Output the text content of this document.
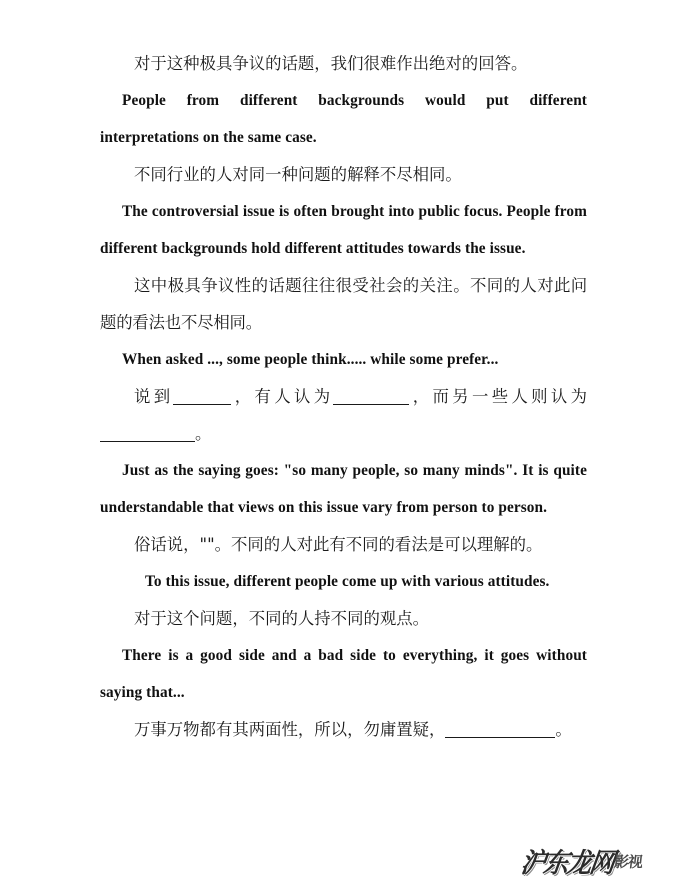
对于这种极具争议的话题，我们很难作出绝对的回答。

People from different backgrounds would put different interpretations on the same case.

不同行业的人对同一种问题的解释不尽相同。

The controversial issue is often brought into public focus. People from different backgrounds hold different attitudes towards the issue.

这中极具争议性的话题往往很受社会的关注。不同的人对此问题的看法也不尽相同。

When asked ..., some people think..... while some prefer...

说到	，有人认为	，而另一些人则认为

。

Just as the saying goes: "so many people, so many minds". It is quite understandable that views on this issue vary from person to person.

俗话说，""。不同的人对此有不同的看法是可以理解的。

To this issue, different people come up with various attitudes.

对于这个问题，不同的人持不同的观点。

There is a good side and a bad side to everything, it goes without saying that...

万事万物都有其两面性，所以，勿庸置疑，	。

沪东龙网
影视
